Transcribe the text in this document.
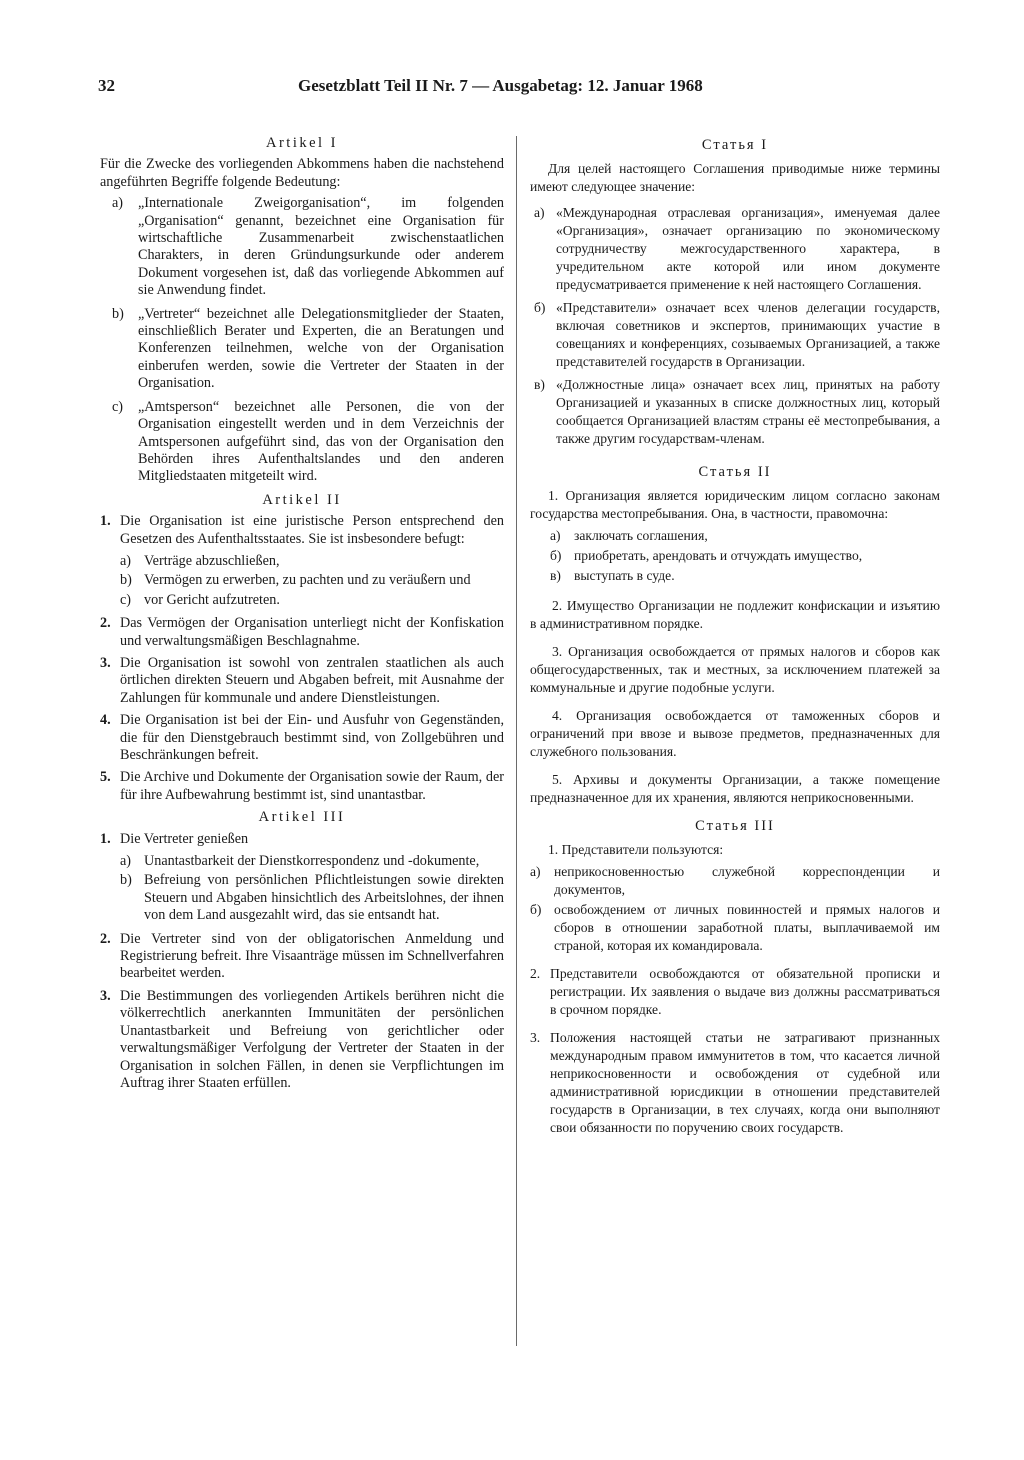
32	Gesetzblatt Teil II Nr. 7 — Ausgabetag: 12. Januar 1968
Artikel I
Für die Zwecke des vorliegenden Abkommens haben die nachstehend angeführten Begriffe folgende Bedeutung:
a)	„Internationale Zweigorganisation“, im folgenden „Organisation“ genannt, bezeichnet eine Organisation für wirtschaftliche Zusammenarbeit zwischenstaatlichen Charakters, in deren Gründungsurkunde oder anderem Dokument vorgesehen ist, daß das vorliegende Abkommen auf sie Anwendung findet.
b) „Vertreter“ bezeichnet alle Delegationsmitglieder der Staaten, einschließlich Berater und Experten, die an Beratungen und Konferenzen teilnehmen, welche von der Organisation einberufen werden, sowie die Vertreter der Staaten in der Organisation.
c)	„Amtsperson“ bezeichnet alle Personen, die von der Organisation eingestellt werden und in dem Verzeichnis der Amtspersonen aufgeführt sind, das von der Organisation den Behörden ihres Aufenthaltslandes und den anderen Mitgliedstaaten mitgeteilt wird.
Artikel II
1. Die Organisation ist eine juristische Person entsprechend den Gesetzen des Aufenthaltsstaates. Sie ist insbesondere befugt:
a) Verträge abzuschließen,
b) Vermögen zu erwerben, zu pachten und zu veräußern und
c) vor Gericht aufzutreten.
2. Das Vermögen der Organisation unterliegt nicht der Konfiskation und verwaltungsmäßigen Beschlagnahme.
3. Die Organisation ist sowohl von zentralen staatlichen als auch örtlichen direkten Steuern und Abgaben befreit, mit Ausnahme der Zahlungen für kommunale und andere Dienstleistungen.
4. Die Organisation ist bei der Ein- und Ausfuhr von Gegenständen, die für den Dienstgebrauch bestimmt sind, von Zollgebühren und Beschränkungen befreit.
5. Die Archive und Dokumente der Organisation sowie der Raum, der für ihre Aufbewahrung bestimmt ist, sind unantastbar.
Artikel III
1. Die Vertreter genießen
a) Unantastbarkeit der Dienstkorrespondenz und -dokumente,
b) Befreiung von persönlichen Pflichtleistungen sowie direkten Steuern und Abgaben hinsichtlich des Arbeitslohnes, der ihnen von dem Land ausgezahlt wird, das sie entsandt hat.
2. Die Vertreter sind von der obligatorischen Anmeldung und Registrierung befreit. Ihre Visaanträge müssen im Schnellverfahren bearbeitet werden.
3. Die Bestimmungen des vorliegenden Artikels berühren nicht die völkerrechtlich anerkannten Immunitäten der persönlichen Unantastbarkeit und Befreiung von gerichtlicher oder verwaltungsmäßiger Verfolgung der Vertreter der Staaten in der Organisation in solchen Fällen, in denen sie Verpflichtungen im Auftrag ihrer Staaten erfüllen.
Статья I
Для целей настоящего Соглашения приводимые ниже термины имеют следующее значение:
а) «Международная отраслевая организация», именуемая далее «Организация», означает организацию по экономическому сотрудничеству межгосударственного характера, в учредительном акте которой или ином документе предусматривается применение к ней настоящего Соглашения.
б) «Представители» означает всех членов делегации государств, включая советников и экспертов, принимающих участие в совещаниях и конференциях, созываемых Организацией, а также представителей государств в Организации.
в) «Должностные лица» означает всех лиц, принятых на работу Организацией и указанных в списке должностных лиц, который сообщается Организацией властям страны её местопребывания, а также другим государствам-членам.
Статья II
1. Организация является юридическим лицом согласно законам государства местопребывания. Она, в частности, правомочна:
а) заключать соглашения,
б) приобретать, арендовать и отчуждать имущество,
в) выступать в суде.
2. Имущество Организации не подлежит конфискации и изъятию в административном порядке.
3. Организация освобождается от прямых налогов и сборов как общегосударственных, так и местных, за исключением платежей за коммунальные и другие подобные услуги.
4. Организация освобождается от таможенных сборов и ограничений при ввозе и вывозе предметов, предназначенных для служебного пользования.
5. Архивы и документы Организации, а также помещение предназначенное для их хранения, являются неприкосновенными.
Статья III
1. Представители пользуются:
а) неприкосновенностью служебной корреспонденции и документов,
б) освобождением от личных повинностей и прямых налогов и сборов в отношении заработной платы, выплачиваемой им страной, которая их командировала.
2. Представители освобождаются от обязательной прописки и регистрации. Их заявления о выдаче виз должны рассматриваться в срочном порядке.
3. Положения настоящей статьи не затрагивают признанных международным правом иммунитетов в том, что касается личной неприкосновенности и освобождения от судебной или административной юрисдикции в отношении представителей государств в Организации, в тех случаях, когда они выполняют свои обязанности по поручению своих государств.
